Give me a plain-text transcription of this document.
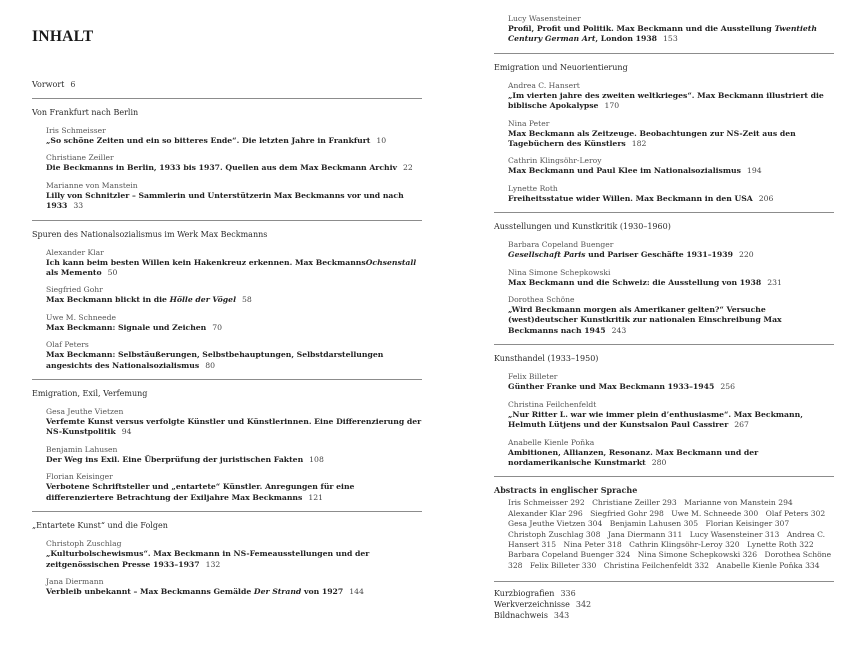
INHALT
Vorwort 6
Von Frankfurt nach Berlin
Iris Schmeisser
„So schöne Zeiten und ein so bitteres Ende“. Die letzten Jahre in Frankfurt 10
Christiane Zeiller
Die Beckmanns in Berlin, 1933 bis 1937. Quellen aus dem Max Beckmann Archiv 22
Marianne von Manstein
Lilly von Schnitzler – Sammlerin und Unterstützerin Max Beckmanns vor und nach 1933 33
Spuren des Nationalsozialismus im Werk Max Beckmanns
Alexander Klar
Ich kann beim besten Willen kein Hakenkreuz erkennen. Max BeckmannsOchsenstall als Memento 50
Siegfried Gohr
Max Beckmann blickt in die Hölle der Vögel 58
Uwe M. Schneede
Max Beckmann: Signale und Zeichen 70
Olaf Peters
Max Beckmann: Selbstäußerungen, Selbstbehauptungen, Selbstdarstellungen angesichts des Nationalsozialismus 80
Emigration, Exil, Verfemung
Gesa Jeuthe Vietzen
Verfemte Kunst versus verfolgte Künstler und Künstlerinnen. Eine Differenzierung der NS-Kunstpolitik 94
Benjamin Lahusen
Der Weg ins Exil. Eine Überprüfung der juristischen Fakten 108
Florian Keisinger
Verbotene Schriftsteller und „entartete“ Künstler. Anregungen für eine differenziertere Betrachtung der Exiljahre Max Beckmanns 121
„Entartete Kunst“ und die Folgen
Christoph Zuschlag
„Kulturbolschewismus“. Max Beckmann in NS-Femeausstellungen und der zeitgenössischen Presse 1933–1937 132
Jana Diermann
Verbleib unbekannt – Max Beckmanns Gemälde Der Strand von 1927 144
Lucy Wasensteiner
Profil, Profit und Politik. Max Beckmann und die Ausstellung Twentieth Century German Art, London 1938 153
Emigration und Neuorientierung
Andrea C. Hansert
„Im vierten jahre des zweiten weltkrieges“. Max Beckmann illustriert die biblische Apokalypse 170
Nina Peter
Max Beckmann als Zeitzeuge. Beobachtungen zur NS-Zeit aus den Tagebüchern des Künstlers 182
Cathrin Klingsöhr-Leroy
Max Beckmann und Paul Klee im Nationalsozialismus 194
Lynette Roth
Freiheitsstatue wider Willen. Max Beckmann in den USA 206
Ausstellungen und Kunstkritik (1930–1960)
Barbara Copeland Buenger
Gesellschaft Paris und Pariser Geschäfte 1931–1939 220
Nina Simone Schepkowski
Max Beckmann und die Schweiz: die Ausstellung von 1938 231
Dorothea Schöne
„Wird Beckmann morgen als Amerikaner gelten?“ Versuche (west)deutscher Kunstkritik zur nationalen Einschreibung Max Beckmanns nach 1945 243
Kunsthandel (1933–1950)
Felix Billeter
Günther Franke und Max Beckmann 1933–1945 256
Christina Feilchenfeldt
„Nur Ritter L. war wie immer plein d’enthusiasme“. Max Beckmann, Helmuth Lütjens und der Kunstsalon Paul Cassirer 267
Anabelle Kienle Poňka
Ambitionen, Allianzen, Resonanz. Max Beckmann und der nordamerikanische Kunstmarkt 280
Abstracts in englischer Sprache
Iris Schmeisser 292 Christiane Zeiller 293 Marianne von Manstein 294 Alexander Klar 296 Siegfried Gohr 298 Uwe M. Schneede 300 Olaf Peters 302 Gesa Jeuthe Vietzen 304 Benjamin Lahusen 305 Florian Keisinger 307 Christoph Zuschlag 308 Jana Diermann 311 Lucy Wasensteiner 313 Andrea C. Hansert 315 Nina Peter 318 Cathrin Klingsöhr-Leroy 320 Lynette Roth 322 Barbara Copeland Buenger 324 Nina Simone Schepkowski 326 Dorothea Schöne 328 Felix Billeter 330 Christina Feilchenfeldt 332 Anabelle Kienle Poňka 334
Kurzbiografien 336
Werkverzeichnisse 342
Bildnachweis 343
